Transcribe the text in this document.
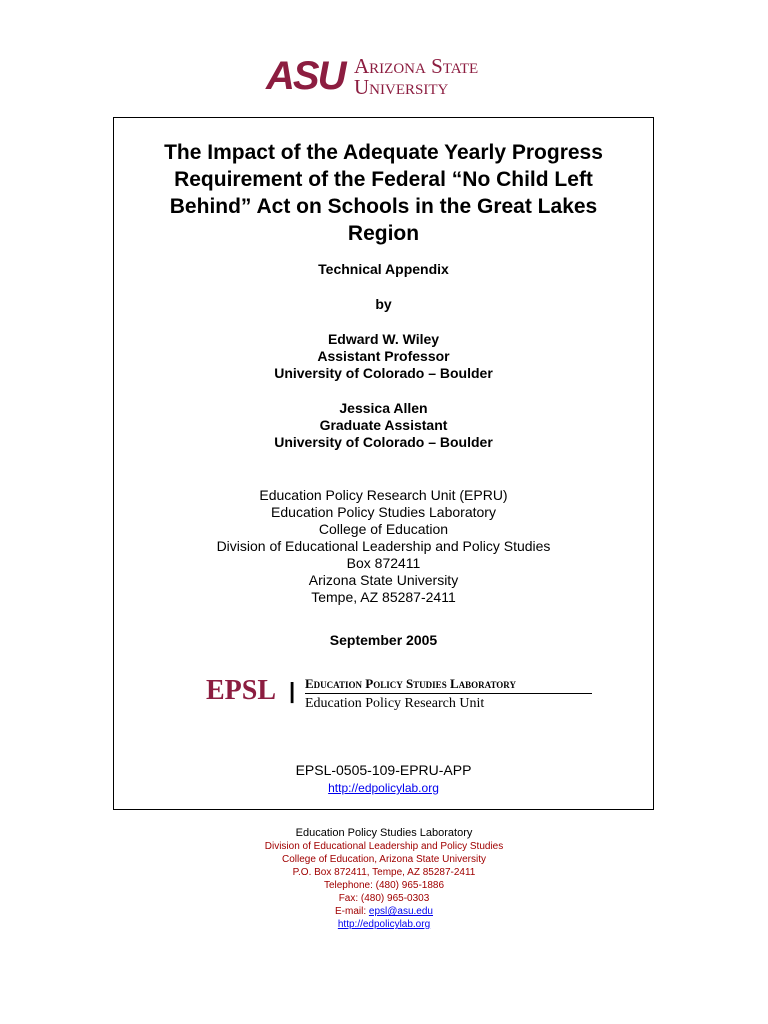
ASU Arizona State
University
The Impact of the Adequate Yearly Progress Requirement of the Federal “No Child Left Behind” Act on Schools in the Great Lakes Region
Technical Appendix
by
Edward W. Wiley
Assistant Professor
University of Colorado – Boulder
Jessica Allen
Graduate Assistant
University of Colorado – Boulder
Education Policy Research Unit (EPRU)
Education Policy Studies Laboratory
College of Education
Division of Educational Leadership and Policy Studies
Box 872411
Arizona State University
Tempe, AZ 85287-2411
September 2005
EPSL | Education Policy Studies Laboratory
Education Policy Research Unit
EPSL-0505-109-EPRU-APP
http://edpolicylab.org
Education Policy Studies Laboratory
Division of Educational Leadership and Policy Studies
College of Education, Arizona State University
P.O. Box 872411, Tempe, AZ 85287-2411
Telephone: (480) 965-1886
Fax: (480) 965-0303
E-mail: epsl@asu.edu
http://edpolicylab.org
